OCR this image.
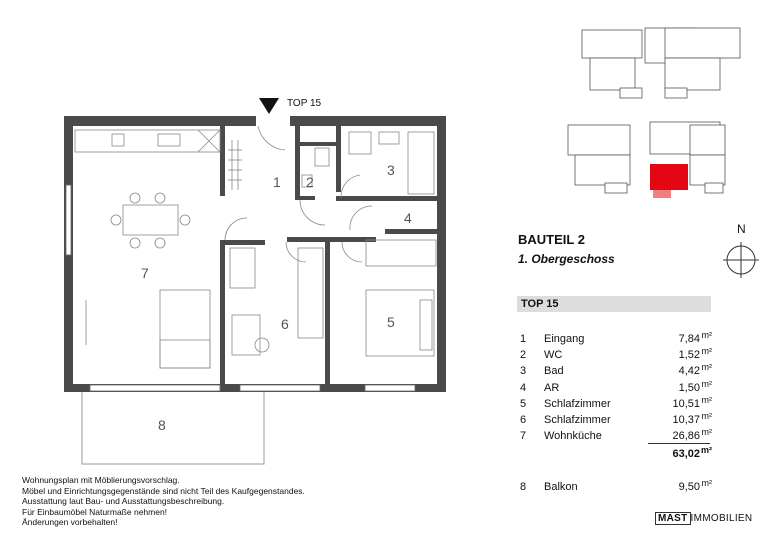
1 2
3
4
5
6
7
8
TOP 15
BAUTEIL 2
1. Obergeschoss
N
TOP 15
1 Eingang	7,84 m²
2 WC	1,52 m²
3 Bad	4,42 m²
4 AR	1,50 m²
5 Schlafzimmer	10,51 m²
6 Schlafzimmer	10,37 m²
7 Wohnküche	26,86 m²
63,02 m²
8 Balkon	9,50 m²
Wohnungsplan mit Möblierungsvorschlag.
Möbel und Einrichtungsgegenstände sind nicht Teil des Kaufgegenstandes.
Ausstattung laut Bau- und Ausstattungsbeschreibung.
Für Einbaumöbel Naturmaße nehmen!
Änderungen vorbehalten!	MAST IMMOBILIEN
